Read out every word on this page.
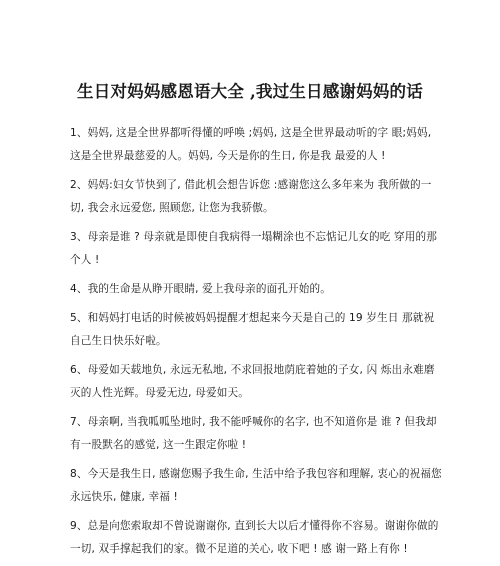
生日对妈妈感恩语大全 ,我过生日感谢妈妈的话

1、妈妈, 这是全世界都听得懂的呼唤 ;妈妈, 这是全世界最动听的字 眼;妈妈, 这是全世界最慈爱的人。妈妈, 今天是你的生日, 你是我 最爱的人 !

2、妈妈:妇女节快到了, 借此机会想告诉您 :感谢您这么多年来为 我所做的一切, 我会永远爱您, 照顾您, 让您为我骄傲。

3、母亲是谁 ? 母亲就是即使自我病得一塌糊涂也不忘惦记儿女的吃 穿用的那个人 !

4、我的生命是从睁开眼睛, 爱上我母亲的面孔开始的。

5、和妈妈打电话的时候被妈妈提醒才想起来今天是自己的 19 岁生日 那就祝自己生日快乐好啦。

6、母爱如天载地负, 永远无私地, 不求回报地荫庇着她的子女, 闪 烁出永难磨灭的人性光辉。母爱无边, 母爱如天。

7、母亲啊, 当我呱呱坠地时, 我不能呼喊你的名字, 也不知道你是 谁 ? 但我却有一股默名的感觉, 这一生跟定你啦 !

8、今天是我生日, 感谢您赐予我生命, 生活中给予我包容和理解, 衷心的祝福您永远快乐, 健康, 幸福 !

9、总是向您索取却不曾说谢谢你, 直到长大以后才懂得你不容易。谢谢你做的一切, 双手撑起我们的家。微不足道的关心, 收下吧 ! 感 谢一路上有你 !
